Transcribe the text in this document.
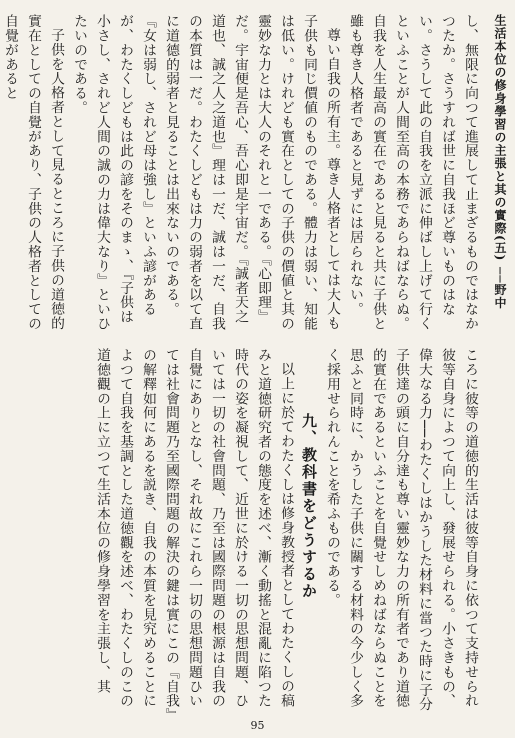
生活本位の修身學習の主張と其の實際(五)──野中

し、無限に向つて進展して止まざるものではなかつたか。さうすれば世に自我ほど尊いものはない。さうして此の自我を立派に伸ばし上げて行くといふことが人間至高の本務であらねばならぬ。自我を人生最高の實在であると見ると共に子供と雖も尊き人格者であると見ずには居られない。

尊い自我の所有主。尊き人格者としては大人も子供も同じ價値のものである。體力は弱い、知能は低い。けれども實在としての子供の價値と其の靈妙な力とは大人のそれと一である。『心即理』だ。宇宙便是吾心、吾心即是宇宙だ。『誠者天之道也、誠之人之道也』理は一だ、誠は一だ、自我の本質は一だ。わたくしどもは力の弱者を以て直に道德的弱者と見ることは出來ないのである。『女は弱し、されど母は強し』といふ諺があるが、わたくしどもは此の諺をそのまゝ、『子供は小さし、されど人間の誠の力は偉大なり』といひたいのである。

子供を人格者として見るところに子供の道徳的實在としての自覺があり、子供の人格者としての自覺があると

ころに彼等の道徳的生活は彼等自身に依つて支持せられ彼等自身によつて向上し、發展せられる。小さきもの、偉大なる力──わたくしはかうした材料に當つた時に子分子供達の頭に自分達も尊い靈妙な力の所有者であり道徳的實在であるといふことを自覺せしめねばならぬことを思ふと同時に、かうした子供に關する材料の今少しく多く採用せられんことを希ふものである。

九、教科書をどうするか

以上に於てわたくしは修身教授者としてわたくしの稿みと道徳研究者の態度を述べ、漸く動搖と混亂に陷つた時代の姿を凝視して、近世に於ける一切の思想問題、ひいては一切の社會問題、乃至は國際問題の根源は自我の自覺にありとなし、それ故にこれら一切の思想問題ひいては社會問題乃至國際問題の解決の鍵は實にこの『自我』の解釋如何にあるを説き、自我の本質を見究めることによつて自我を基調とした道徳觀を述べ、わたくしのこの道徳觀の上に立つて生活本位の修身學習を主張し、其

95
